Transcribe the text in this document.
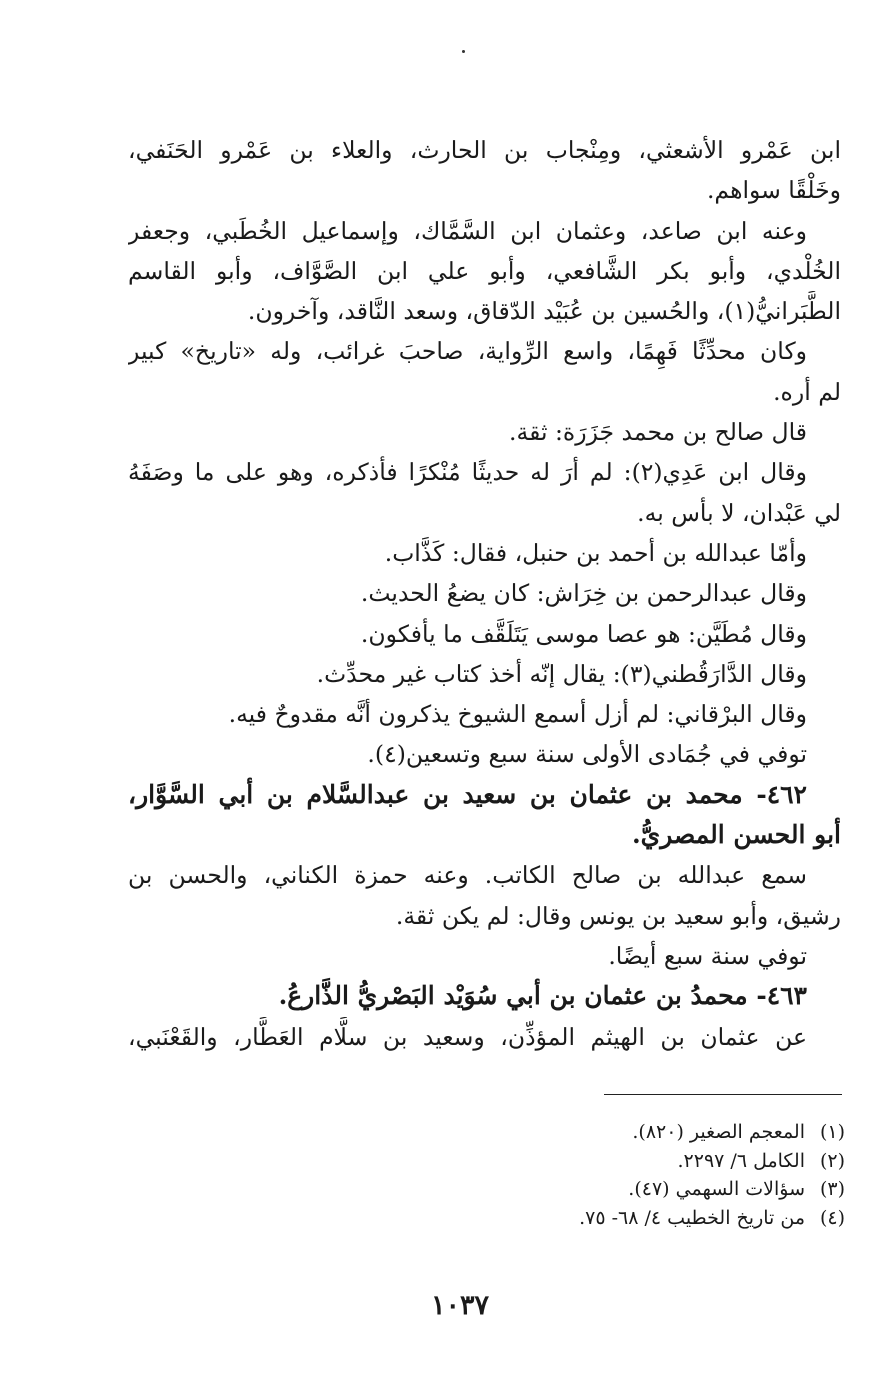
ابن عَمْرو الأشعثي، ومِنْجاب بن الحارث، والعلاء بن عَمْرو الحَنَفي،
وخَلْقًا سواهم.
وعنه ابن صاعد، وعثمان ابن السَّمَّاك، وإسماعيل الخُطَبي، وجعفر
الخُلْدي، وأبو بكر الشَّافعي، وأبو علي ابن الصَّوَّاف، وأبو القاسم
الطَّبَرانيُّ(١)، والحُسين بن عُبَيْد الدّقاق، وسعد النَّاقد، وآخرون.
وكان محدِّثًا فَهِمًا، واسع الرِّواية، صاحبَ غرائب، وله «تاريخ» كبير
لم أره.
قال صالح بن محمد جَزَرَة: ثقة.
وقال ابن عَدِي(٢): لم أرَ له حديثًا مُنْكرًا فأذكره، وهو على ما وصَفَهُ
لي عَبْدان، لا بأس به.
وأمّا عبدالله بن أحمد بن حنبل، فقال: كَذَّاب.
وقال عبدالرحمن بن خِرَاش: كان يضعُ الحديث.
وقال مُطَيَّن: هو عصا موسى يَتَلَقَّف ما يأفكون.
وقال الدَّارَقُطني(٣): يقال إنّه أخذ كتاب غير محدِّث.
وقال البرْقاني: لم أزل أسمع الشيوخ يذكرون أنَّه مقدوحٌ فيه.
توفي في جُمَادى الأولى سنة سبع وتسعين(٤).
٤٦٢- محمد بن عثمان بن سعيد بن عبدالسَّلام بن أبي السَّوَّار،
أبو الحسن المصريُّ.
سمع عبدالله بن صالح الكاتب. وعنه حمزة الكناني، والحسن بن
رشيق، وأبو سعيد بن يونس وقال: لم يكن ثقة.
توفي سنة سبع أيضًا.
٤٦٣- محمدُ بن عثمان بن أبي سُوَيْد البَصْريُّ الذَّارعُ.
عن عثمان بن الهيثم المؤذِّن، وسعيد بن سلَّام العَطَّار، والقَعْنَبي،
(١)المعجم الصغير (٨٢٠).
(٢)الكامل ٦/ ٢٢٩٧.
(٣)سؤالات السهمي (٤٧).
(٤)من تاريخ الخطيب ٤/ ٦٨- ٧٥.
١٠٣٧
